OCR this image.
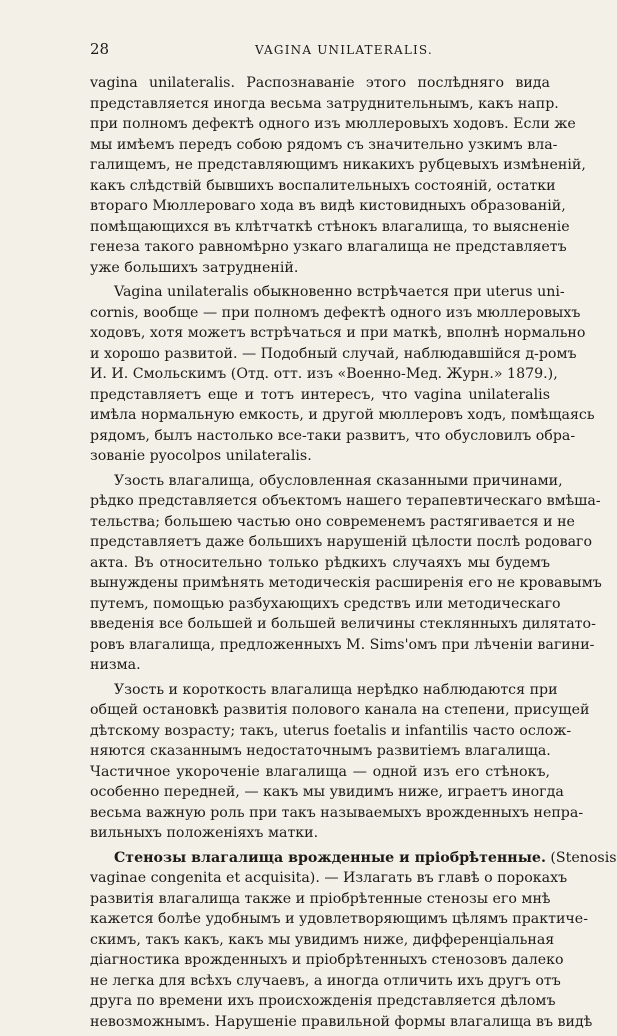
28	VAGINA UNILATERALIS.
vagina unilateralis. Распознаваніе этого послѣдняго вида
представляется иногда весьма затруднительнымъ, какъ напр.
при полномъ дефектѣ одного изъ мюллеровыхъ ходовъ. Если же
мы имѣемъ передъ собою рядомъ съ значительно узкимъ вла-
галищемъ, не представляющимъ никакихъ рубцевыхъ измѣненій,
какъ слѣдствій бывшихъ воспалительныхъ состояній, остатки
втораго Мюллероваго хода въ видѣ кистовидныхъ образованій,
помѣщающихся въ клѣтчаткѣ стѣнокъ влагалища, то выясненіе
генеза такого равномѣрно узкаго влагалища не представляетъ
уже большихъ затрудненій.
Vagina unilateralis обыкновенно встрѣчается при uterus uni-
cornis, вообще — при полномъ дефектѣ одного изъ мюллеровыхъ
ходовъ, хотя можетъ встрѣчаться и при маткѣ, вполнѣ нормально
и хорошо развитой. — Подобный случай, наблюдавшійся д-ромъ
И. И. Смольскимъ (Отд. отт. изъ «Военно-Мед. Журн.» 1879.),
представляетъ еще и тотъ интересъ, что vagina unilateralis
имѣла нормальную емкость, и другой мюллеровъ ходъ, помѣщаясь
рядомъ, былъ настолько все-таки развитъ, что обусловилъ обра-
зованіе pyocolpos unilateralis.
Узость влагалища, обусловленная сказанными причинами,
рѣдко представляется объектомъ нашего терапевтическаго вмѣша-
тельства; большею частью оно современемъ растягивается и не
представляетъ даже большихъ нарушеній цѣлости послѣ родоваго
акта. Въ относительно только рѣдкихъ случаяхъ мы будемъ
вынуждены примѣнять методическія расширенія его не кровавымъ
путемъ, помощью разбухающихъ средствъ или методическаго
введенія все большей и большей величины стеклянныхъ дилятато-
ровъ влагалища, предложенныхъ M. Sims'омъ при лѣченіи вагини-
низма.
Узость и короткость влагалища нерѣдко наблюдаются при
общей остановкѣ развитія полового канала на степени, присущей
дѣтскому возрасту; такъ, uterus foetalis и infantilis часто ослож-
няются сказаннымъ недостаточнымъ развитіемъ влагалища.
Частичное укороченіе влагалища — одной изъ его стѣнокъ,
особенно передней, — какъ мы увидимъ ниже, играетъ иногда
весьма важную роль при такъ называемыхъ врожденныхъ непра-
вильныхъ положеніяхъ матки.
Стенозы влагалища врожденные и пріобрѣтенные. (Stenosis
vaginae congenita et acquisita). — Излагать въ главѣ о порокахъ
развитія влагалища также и пріобрѣтенные стенозы его мнѣ
кажется болѣе удобнымъ и удовлетворяющимъ цѣлямъ практиче-
скимъ, такъ какъ, какъ мы увидимъ ниже, дифференціальная
діагностика врожденныхъ и пріобрѣтенныхъ стенозовъ далеко
не легка для всѣхъ случаевъ, а иногда отличить ихъ другъ отъ
друга по времени ихъ происхожденія представляется дѣломъ
невозможнымъ. Нарушеніе правильной формы влагалища въ видѣ
